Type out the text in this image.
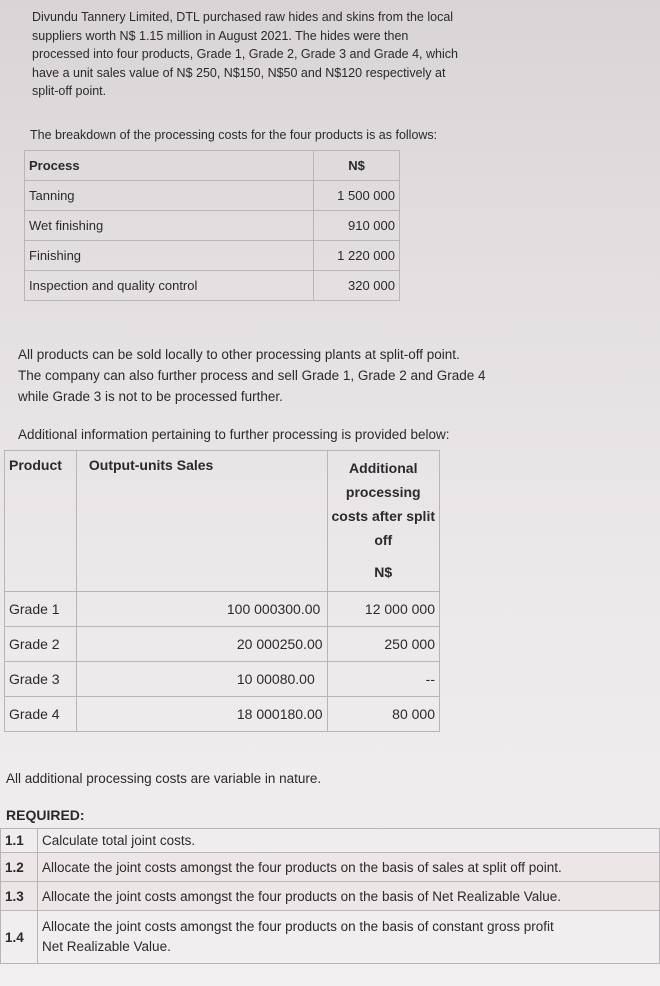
Divundu Tannery Limited, DTL purchased raw hides and skins from the local
suppliers worth N$ 1.15 million in August 2021. The hides were then
processed into four products, Grade 1, Grade 2, Grade 3 and Grade 4, which
have a unit sales value of N$ 250, N$150, N$50 and N$120 respectively at
split-off point.
The breakdown of the processing costs for the four products is as follows:
Process	N$
Tanning	1 500 000
Wet finishing	910 000
Finishing	1 220 000
Inspection and quality control	320 000
All products can be sold locally to other processing plants at split-off point.
The company can also further process and sell Grade 1, Grade 2 and Grade 4
while Grade 3 is not to be processed further.
Additional information pertaining to further processing is provided below:
Product	Output-units Sales	Additional
processing
costs after split
off
N$

Grade 1	100 000300.00	12 000 000
Grade 2	20 000250.00	250 000
Grade 3	10 00080.00	--
Grade 4	18 000180.00	80 000
All additional processing costs are variable in nature.
REQUIRED:
1.1	Calculate total joint costs.
1.2	Allocate the joint costs amongst the four products on the basis of sales at split off point.
1.3	Allocate the joint costs amongst the four products on the basis of Net Realizable Value.
1.4	Allocate the joint costs amongst the four products on the basis of constant gross profit
Net Realizable Value.
